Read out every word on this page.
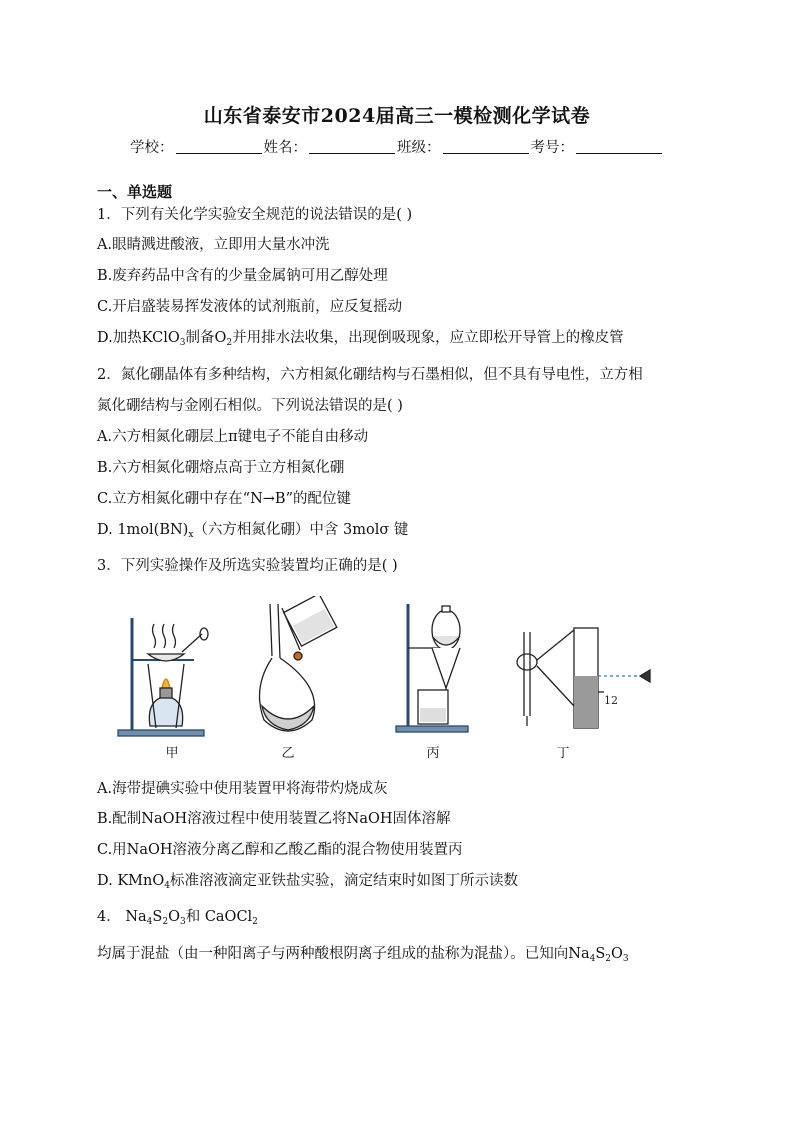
山东省泰安市2024届高三一模检测化学试卷
学校：	姓名：	班级：	考号：
一、单选题
1．下列有关化学实验安全规范的说法错误的是( )
A.眼睛溅进酸液，立即用大量水冲洗
B.废弃药品中含有的少量金属钠可用乙醇处理
C.开启盛装易挥发液体的试剂瓶前，应反复摇动
D.加热KClO$_3$制备$O_2$并用排水法收集，出现倒吸现象，应立即松开导管上的橡皮管
2．氮化硼晶体有多种结构，六方相氮化硼结构与石墨相似，但不具有导电性，立方相
氮化硼结构与金刚石相似。下列说法错误的是( )
A.六方相氮化硼层上π键电子不能自由移动
B.六方相氮化硼熔点高于立方相氮化硼
C.立方相氮化硼中存在“N→B”的配位键
D. $1mol(BN)_x$（六方相氮化硼）中含 3molσ 键
3．下列实验操作及所选实验装置均正确的是( )
12
甲	乙	丙	丁
A.海带提碘实验中使用装置甲将海带灼烧成灰
B.配制NaOH溶液过程中使用装置乙将NaOH固体溶解
C.用NaOH溶液分离乙醇和乙酸乙酯的混合物使用装置丙
D. KMnO$_4$标准溶液滴定亚铁盐实验，滴定结束时如图丁所示读数
4． $Na_4S_2O_3$和 CaOCl$_2$
均属于混盐（由一种阳离子与两种酸根阴离子组成的盐称为混盐）。已知向$Na_4S_2O_3$
